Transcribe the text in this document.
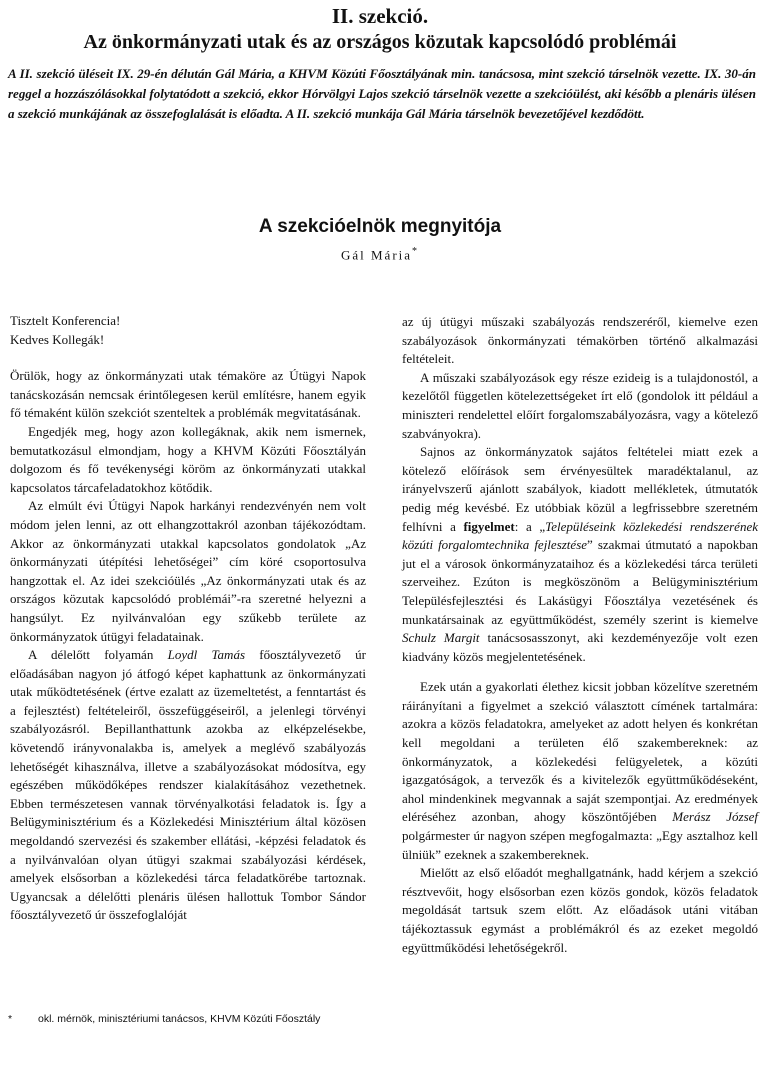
II. szekció.
Az önkormányzati utak és az országos közutak kapcsolódó problémái
A II. szekció üléseit IX. 29-én délután Gál Mária, a KHVM Közúti Főosztályának min. tanácsosa, mint szekció társelnök vezette. IX. 30-án reggel a hozzászólásokkal folytatódott a szekció, ekkor Hórvölgyi Lajos szekció társelnök vezette a szekcióülést, aki később a plenáris ülésen a szekció munkájának az összefoglalását is előadta. A II. szekció munkája Gál Mária társelnök bevezetőjével kezdődött.
A szekcióelnök megnyitója
Gál Mária*

Tisztelt Konferencia!

Kedves Kollegák!

Örülök, hogy az önkormányzati utak témaköre az Útügyi Napok tanácskozásán nemcsak érintőlegesen kerül említésre, hanem egyik fő témaként külön szekciót szenteltek a problémák megvitatásának.

Engedjék meg, hogy azon kollegáknak, akik nem ismernek, bemutatkozásul elmondjam, hogy a KHVM Közúti Főosztályán dolgozom és fő tevékenységi köröm az önkormányzati utakkal kapcsolatos tárcafeladatokhoz kötődik.

Az elmúlt évi Útügyi Napok harkányi rendezvényén nem volt módom jelen lenni, az ott elhangzottakról azonban tájékozódtam. Akkor az önkormányzati utakkal kapcsolatos gondolatok „Az önkormányzati útépítési lehetőségei” cím köré csoportosulva hangzottak el. Az idei szekcióülés „Az önkormányzati utak és az országos közutak kapcsolódó problémái”-ra szeretné helyezni a hangsúlyt. Ez nyilvánvalóan egy szűkebb területe az önkormányzatok útügyi feladatainak.

A délelőtt folyamán Loydl Tamás főosztályvezető úr előadásában nagyon jó átfogó képet kaphattunk az önkormányzati utak működtetésének (értve ezalatt az üzemeltetést, a fenntartást és a fejlesztést) feltételeiről, összefüggéseiről, a jelenlegi törvényi szabályozásról. Bepillanthattunk azokba az elképzelésekbe, követendő irányvonalakba is, amelyek a meglévő szabályozás lehetőségét kihasználva, illetve a szabályozásokat módosítva, egy egészében működőképes rendszer kialakításához vezethetnek. Ebben természetesen vannak törvényalkotási feladatok is. Így a Belügyminisztérium és a Közlekedési Minisztérium által közösen megoldandó szervezési és szakember ellátási, -képzési feladatok és a nyilvánvalóan olyan útügyi szakmai szabályozási kérdések, amelyek elsősorban a közlekedési tárca feladatkörébe tartoznak. Ugyancsak a délelőtti plenáris ülésen hallottuk Tombor Sándor főosztályvezető úr összefoglalóját

az új útügyi műszaki szabályozás rendszeréről, kiemelve ezen szabályozások önkormányzati témakörben történő alkalmazási feltételeit.

A műszaki szabályozások egy része ezideig is a tulajdonostól, a kezelőtől független kötelezettségeket írt elő (gondolok itt például a miniszteri rendelettel előírt forgalomszabályozásra, vagy a kötelező szabványokra).

Sajnos az önkormányzatok sajátos feltételei miatt ezek a kötelező előírások sem érvényesültek maradéktalanul, az irányelvszerű ajánlott szabályok, kiadott mellékletek, útmutatók pedig még kevésbé. Ez utóbbiak közül a legfrissebbre szeretném felhívni a figyelmet: a „Településeink közlekedési rendszerének közúti forgalomtechnika fejlesztése” szakmai útmutató a napokban jut el a városok önkormányzataihoz és a közlekedési tárca területi szerveihez. Ezúton is megköszönöm a Belügyminisztérium Településfejlesztési és Lakásügyi Főosztálya vezetésének és munkatársainak az együttműködést, személy szerint is kiemelve Schulz Margit tanácsosasszonyt, aki kezdeményezője volt ezen kiadvány közös megjelentetésének.

Ezek után a gyakorlati élethez kicsit jobban közelítve szeretném ráirányítani a figyelmet a szekció választott címének tartalmára: azokra a közös feladatokra, amelyeket az adott helyen és konkrétan kell megoldani a területen élő szakembereknek: az önkormányzatok, a közlekedési felügyeletek, a közúti igazgatóságok, a tervezők és a kivitelezők együttműködéseként, ahol mindenkinek megvannak a saját szempontjai. Az eredmények eléréséhez azonban, ahogy köszöntőjében Merász József polgármester úr nagyon szépen megfogalmazta: „Egy asztalhoz kell ülniük” ezeknek a szakembereknek.

Mielőtt az első előadót meghallgatnánk, hadd kérjem a szekció résztvevőit, hogy elsősorban ezen közös gondok, közös feladatok megoldását tartsuk szem előtt. Az előadások utáni vitában tájékoztassuk egymást a problémákról és az ezeket megoldó együttműködési lehetőségekről.

* okl. mérnök, minisztériumi tanácsos, KHVM Közúti Főosztály
